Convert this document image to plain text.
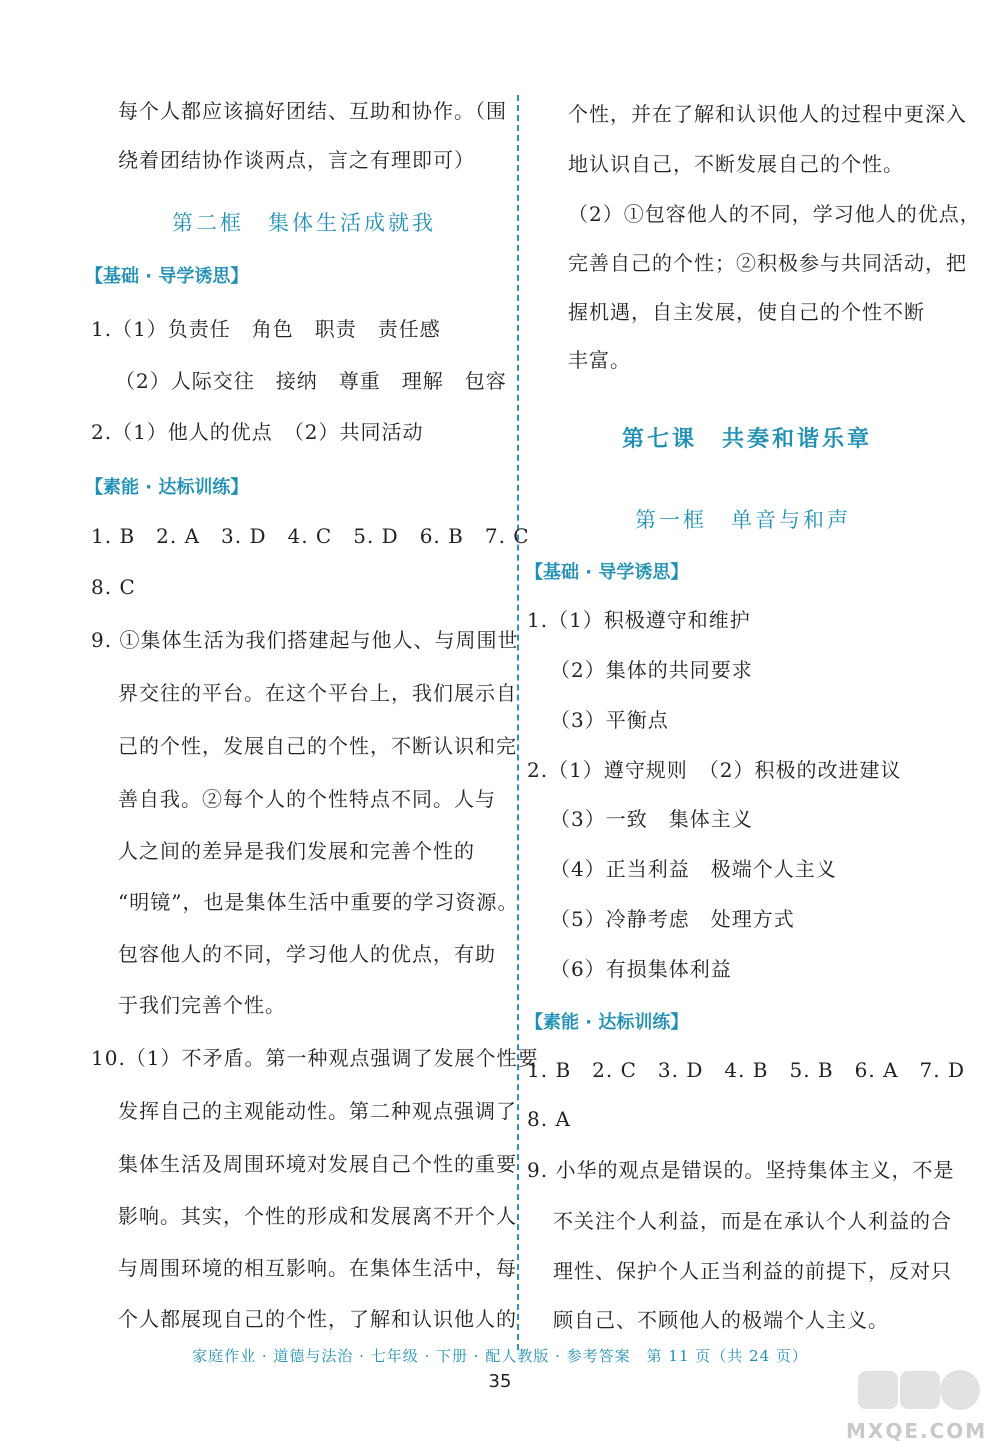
每个人都应该搞好团结、互助和协作。（围
绕着团结协作谈两点，言之有理即可）
第二框　集体生活成就我
【基础 · 导学诱思】
1.（1）负责任　角色　职责　责任感
（2）人际交往　接纳　尊重　理解　包容
2.（1）他人的优点　（2）共同活动
【素能 · 达标训练】
1. B　2. A　3. D　4. C　5. D　6. B　7. C
8. C
9. ①集体生活为我们搭建起与他人、与周围世
界交往的平台。在这个平台上，我们展示自
己的个性，发展自己的个性，不断认识和完
善自我。②每个人的个性特点不同。人与
人之间的差异是我们发展和完善个性的
“明镜”，也是集体生活中重要的学习资源。
包容他人的不同，学习他人的优点，有助
于我们完善个性。
10.（1）不矛盾。第一种观点强调了发展个性要
发挥自己的主观能动性。第二种观点强调了
集体生活及周围环境对发展自己个性的重要
影响。其实，个性的形成和发展离不开个人
与周围环境的相互影响。在集体生活中，每
个人都展现自己的个性，了解和认识他人的
个性，并在了解和认识他人的过程中更深入
地认识自己，不断发展自己的个性。
（2）①包容他人的不同，学习他人的优点，
完善自己的个性；②积极参与共同活动，把
握机遇，自主发展，使自己的个性不断
丰富。
第七课　共奏和谐乐章
第一框　单音与和声
【基础 · 导学诱思】
1.（1）积极遵守和维护
（2）集体的共同要求
（3）平衡点
2.（1）遵守规则　（2）积极的改进建议
（3）一致　集体主义
（4）正当利益　极端个人主义
（5）冷静考虑　处理方式
（6）有损集体利益
【素能 · 达标训练】
1. B　2. C　3. D　4. B　5. B　6. A　7. D
8. A
9. 小华的观点是错误的。坚持集体主义，不是
不关注个人利益，而是在承认个人利益的合
理性、保护个人正当利益的前提下，反对只
顾自己、不顾他人的极端个人主义。
家庭作业 · 道德与法治 · 七年级 · 下册 · 配人教版 · 参考答案　第 11 页（共 24 页）
35
MXQE.COM
